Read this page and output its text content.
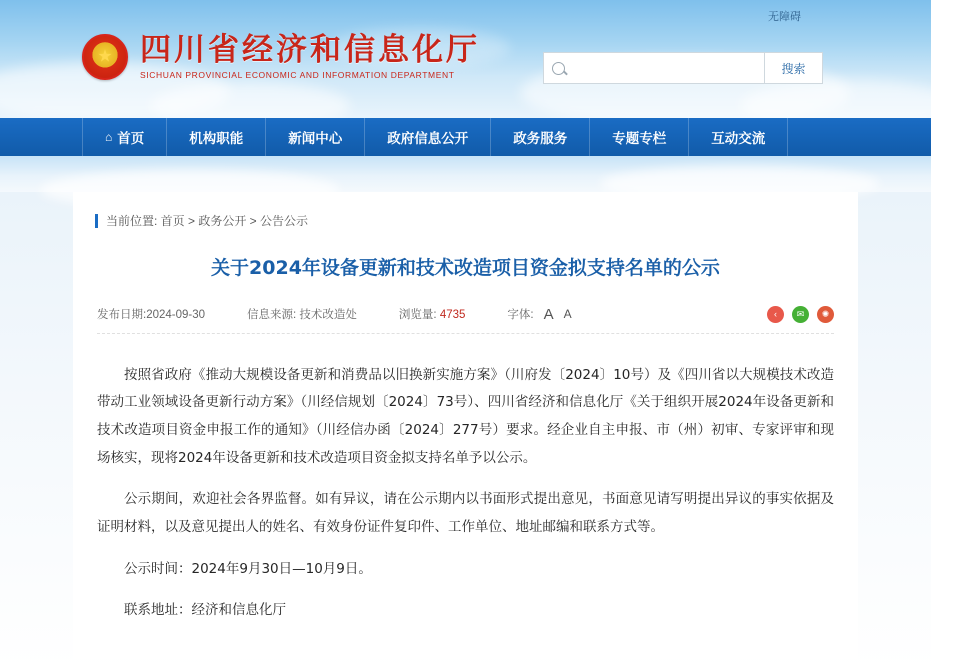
无障碍
★
四川省经济和信息化厅
SICHUAN PROVINCIAL ECONOMIC AND INFORMATION DEPARTMENT	搜索
⌂ 首页	机构职能	新闻中心	政府信息公开	政务服务	专题专栏	互动交流
当前位置: 首页 > 政务公开 > 公告公示
关于2024年设备更新和技术改造项目资金拟支持名单的公示
发布日期:2024-09-30	信息来源: 技术改造处	浏览量: 4735	字体: A A	‹	✉	✺

按照省政府《推动大规模设备更新和消费品以旧换新实施方案》（川府发〔2024〕10号）及《四川省以大规模技术改造带动工业领域设备更新行动方案》（川经信规划〔2024〕73号）、四川省经济和信息化厅《关于组织开展2024年设备更新和技术改造项目资金申报工作的通知》（川经信办函〔2024〕277号）要求。经企业自主申报、市（州）初审、专家评审和现场核实，现将2024年设备更新和技术改造项目资金拟支持名单予以公示。

公示期间，欢迎社会各界监督。如有异议，请在公示期内以书面形式提出意见，书面意见请写明提出异议的事实依据及证明材料，以及意见提出人的姓名、有效身份证件复印件、工作单位、地址邮编和联系方式等。

公示时间：2024年9月30日—10月9日。

联系地址：经济和信息化厅
